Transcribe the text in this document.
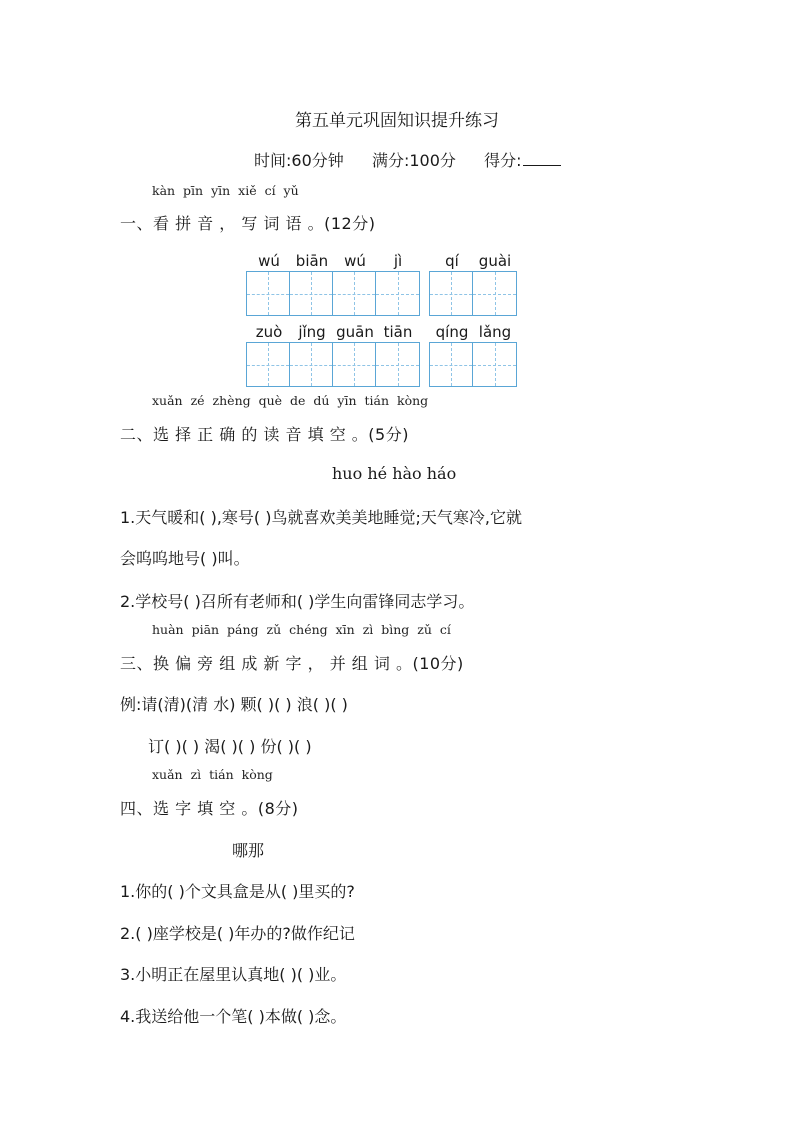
第五单元巩固知识提升练习
时间:60分钟 满分:100分 得分:
kàn pīn yīn xiě cí yǔ
一、看 拼 音 ， 写 词 语 。(12分)
wú	biān	wú	jì	qí	guài
zuò	jǐng guān tiān	qíng lǎng
xuǎn zé zhèng què de dú yīn tián kòng
二、选 择 正 确 的 读 音 填 空 。(5分)
huo hé hào háo
1.天气暖和( ),寒号( )鸟就喜欢美美地睡觉;天气寒冷,它就
会呜呜地号( )叫。
2.学校号( )召所有老师和( )学生向雷锋同志学习。
huàn piān páng zǔ chéng xīn zì bìng zǔ cí
三、换 偏 旁 组 成 新 字 ， 并 组 词 。(10分)
例:请(清)(清 水) 颗( )( ) 浪( )( )
订( )( ) 渴( )( ) 份( )( )
xuǎn zì tián kòng
四、选 字 填 空 。(8分)
哪那
1.你的( )个文具盒是从( )里买的?
2.( )座学校是( )年办的?做作纪记
3.小明正在屋里认真地( )( )业。
4.我送给他一个笔( )本做( )念。
